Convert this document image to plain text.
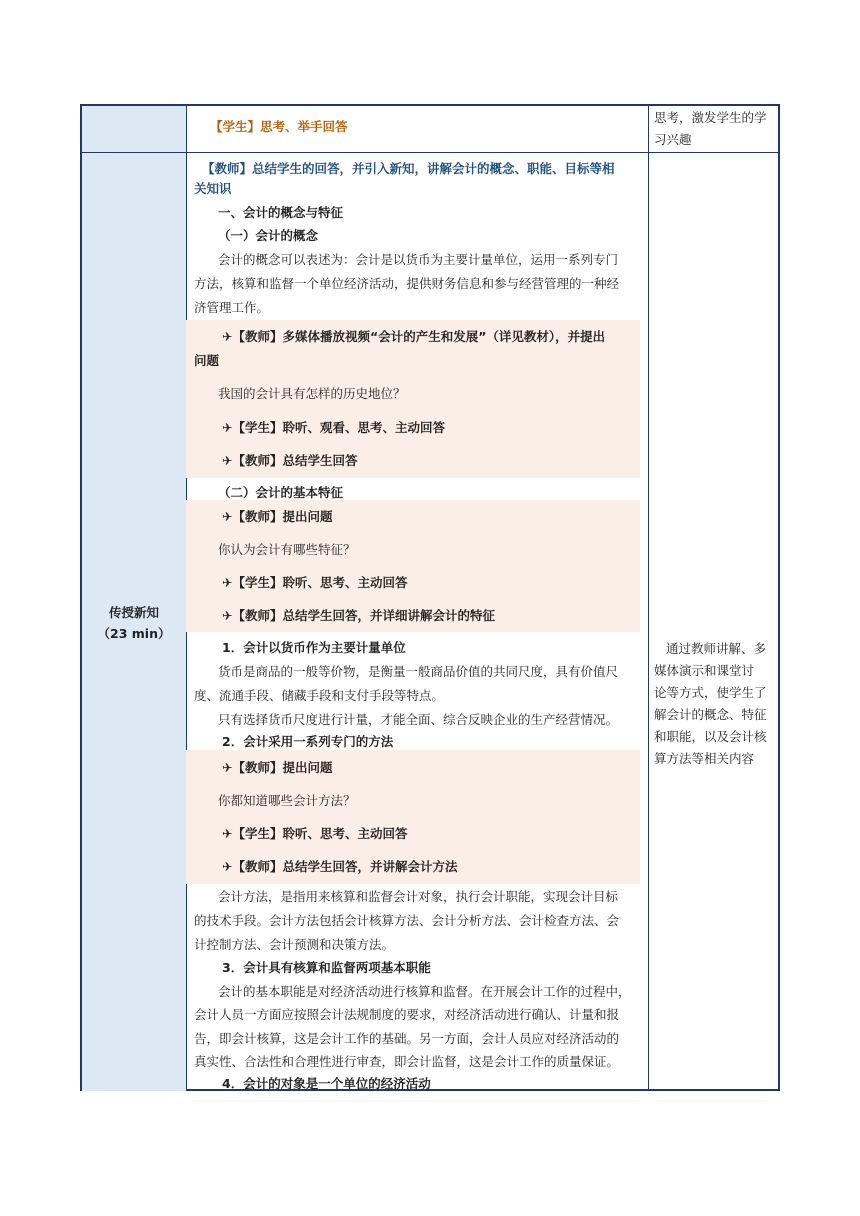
【学生】思考、举手回答
思考，激发学生的学
习兴趣
传授新知
（23 min）
通过教师讲解、多
媒体演示和课堂讨
论等方式，使学生了
解会计的概念、特征
和职能，以及会计核
算方法等相关内容
【教师】总结学生的回答，并引入新知，讲解会计的概念、职能、目标等相
关知识
一、会计的概念与特征
（一）会计的概念
会计的概念可以表述为：会计是以货币为主要计量单位，运用一系列专门
方法，核算和监督一个单位经济活动，提供财务信息和参与经营管理的一种经
济管理工作。
✈【教师】多媒体播放视频“会计的产生和发展”（详见教材），并提出
问题
我国的会计具有怎样的历史地位？
✈【学生】聆听、观看、思考、主动回答
✈【教师】总结学生回答
（二）会计的基本特征
✈【教师】提出问题
你认为会计有哪些特征？
✈【学生】聆听、思考、主动回答
✈【教师】总结学生回答，并详细讲解会计的特征
1．会计以货币作为主要计量单位
货币是商品的一般等价物，是衡量一般商品价值的共同尺度，具有价值尺
度、流通手段、储藏手段和支付手段等特点。
只有选择货币尺度进行计量，才能全面、综合反映企业的生产经营情况。
2．会计采用一系列专门的方法
✈【教师】提出问题
你都知道哪些会计方法？
✈【学生】聆听、思考、主动回答
✈【教师】总结学生回答，并讲解会计方法
会计方法，是指用来核算和监督会计对象，执行会计职能，实现会计目标
的技术手段。会计方法包括会计核算方法、会计分析方法、会计检查方法、会
计控制方法、会计预测和决策方法。
3．会计具有核算和监督两项基本职能
会计的基本职能是对经济活动进行核算和监督。在开展会计工作的过程中，
会计人员一方面应按照会计法规制度的要求，对经济活动进行确认、计量和报
告，即会计核算，这是会计工作的基础。另一方面，会计人员应对经济活动的
真实性、合法性和合理性进行审查，即会计监督，这是会计工作的质量保证。
4．会计的对象是一个单位的经济活动
